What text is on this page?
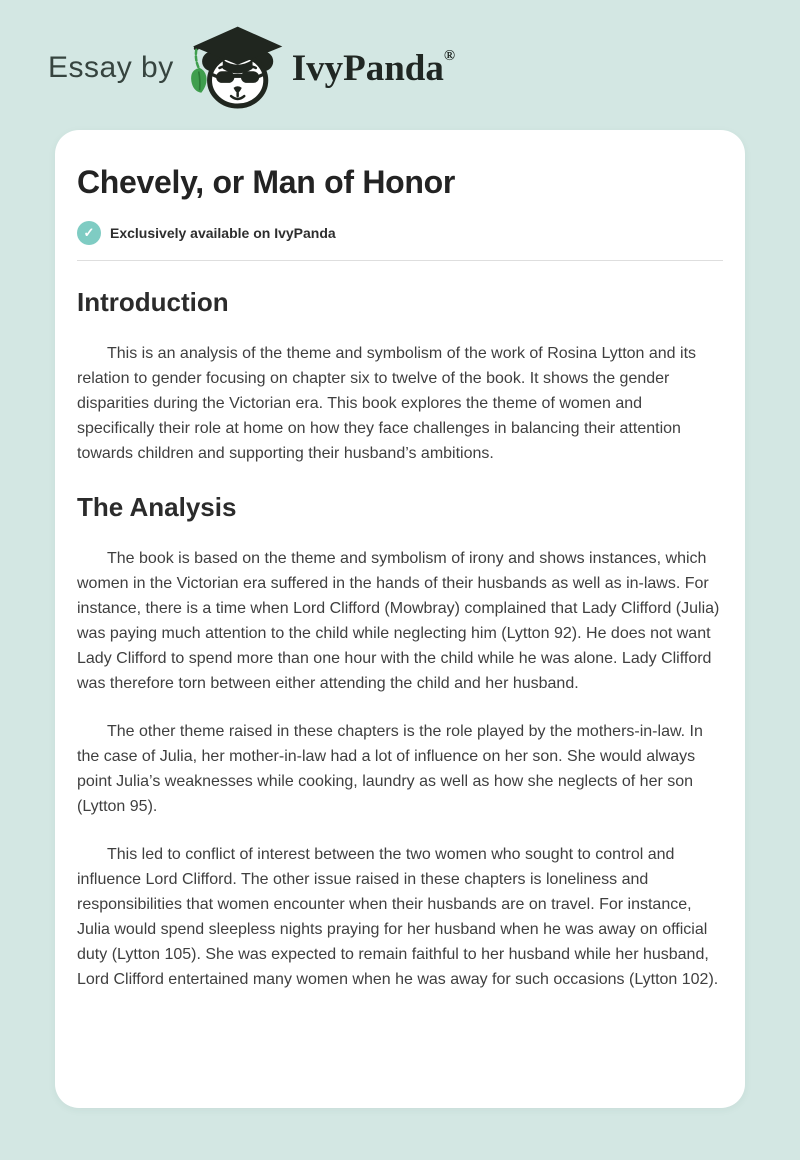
Essay by	IvyPanda®
Chevely, or Man of Honor
✓	Exclusively available on IvyPanda
Introduction

This is an analysis of the theme and symbolism of the work of Rosina Lytton and its relation to gender focusing on chapter six to twelve of the book. It shows the gender disparities during the Victorian era. This book explores the theme of women and specifically their role at home on how they face challenges in balancing their attention towards children and supporting their husband’s ambitions.

The Analysis

The book is based on the theme and symbolism of irony and shows instances, which women in the Victorian era suffered in the hands of their husbands as well as in-laws. For instance, there is a time when Lord Clifford (Mowbray) complained that Lady Clifford (Julia) was paying much attention to the child while neglecting him (Lytton 92). He does not want Lady Clifford to spend more than one hour with the child while he was alone. Lady Clifford was therefore torn between either attending the child and her husband.

The other theme raised in these chapters is the role played by the mothers-in-law. In the case of Julia, her mother-in-law had a lot of influence on her son. She would always point Julia’s weaknesses while cooking, laundry as well as how she neglects of her son (Lytton 95).

This led to conflict of interest between the two women who sought to control and influence Lord Clifford. The other issue raised in these chapters is loneliness and responsibilities that women encounter when their husbands are on travel. For instance, Julia would spend sleepless nights praying for her husband when he was away on official duty (Lytton 105). She was expected to remain faithful to her husband while her husband, Lord Clifford entertained many women when he was away for such occasions (Lytton 102).
